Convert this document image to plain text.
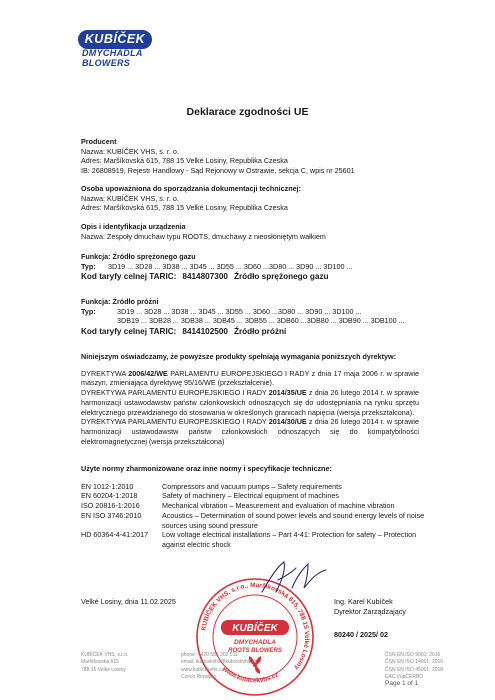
KUBÍČEK
DMYCHADLA
BLOWERS
Deklarace zgodności UE
Producent
Nazwa: KUBÍČEK VHS, s. r. o.
Adres: Maršíkovská 615, 788 15 Velké Losiny, Republika Czeska
IB: 26808919, Rejestr Handlowy - Sąd Rejonowy w Ostrawie, sekcja C, wpis nr 25601
Osoba upoważniona do sporządzania dokumentacji technicznej:
Nazwa: KUBÍČEK VHS, s. r. o.
Adres: Maršíkovská 615, 788 15 Velké Losiny, Republika Czeska
Opis i identyfikacja urządzenia
Nazwa: Zespoły dmuchaw typu ROOTS, dmuchawy z nieosłoniętym wałkiem
Funkcja: Źródło sprężonego gazu
Typ:	3D19 ... 3D28 ... 3D38 ... 3D45 ... 3D55 ... 3D60 ...3D80 ... 3D90 ... 3D100 ...
Kod taryfy celnej TARIC: 8414807300 Źródło sprężonego gazu
Funkcja: Źródło próżni
Typ:	3D19 ... 3D28 ... 3D38 ... 3D45 ... 3D55 ... 3D60 ...3D80 ... 3D90 ... 3D100 ...
3DB19 ... 3DB28 ... 3DB38 ... 3DB45 ... 3DB55 ... 3DB60 ...3DB80 ... 3DB90 ... 3DB100 ...
Kod taryfy celnej TARIC: 8414102500 Źródło próżni

Niniejszym oświadczamy, że powyższe produkty spełniają wymagania poniższych dyrektyw:

DYREKTYWA 2006/42/WE PARLAMENTU EUROPEJSKIEGO I RADY z dnia 17 maja 2006 r. w sprawie maszyn, zmieniająca dyrektywę 95/16/WE (przekształcenie).

DYREKTYWA PARLAMENTU EUROPEJSKIEGO I RADY 2014/35/UE z dnia 26 lutego 2014 r. w sprawie harmonizacji ustawodawstw państw członkowskich odnoszących się do udostępniania na rynku sprzętu elektrycznego przewidzianego do stosowania w określonych granicach napięcia (wersja przekształcona).

DYREKTYWA PARLAMENTU EUROPEJSKIEGO I RADY 2014/30/UE z dnia 26 lutego 2014 r. w sprawie harmonizacji ustawodawstw państw członkowskich odnoszących się do kompatybilności elektromagnetycznej (wersja przekształcona)

Użyte normy zharmonizowane oraz inne normy i specyfikacje techniczne:
EN 1012-1:2010	Compressors and vacuum pumps – Safety requirements
EN 60204-1:2018	Safety of machinery – Electrical equipment of machines
ISO 20816-1:2016	Mechanical vibration – Measurement and evaluation of machine vibration
EN ISO 3746:2010	Acoustics – Determination of sound power levels and sound energy levels of noise sources using sound pressure
HD 60364-4-41:2017	Low voltage electrical installations – Part 4-41: Protection for safety – Protection against electric shock
KUBÍČEK VHS, s.r.o., Maršíkovská 615, 788 15 Velké Losiny
www.kubicekvhs.cz
KUBÍČEK
DMYCHADLA
ROOTS BLOWERS
Velké Losiny, dnia 11.02.2025	Ing. Karel Kubíček
Dyrektor Zarządzający
80240 / 2025/ 02
KUBÍČEK VHS, s.r.o.
Maršíkovská 615
788 15 Velké Losiny
phone: +420 583 302 511
email: kubicekvhs@kubicekvhs.cz
www.kubicekvhs.cz
Czech Republic
ČSN EN ISO 9001: 2016
ČSN EN ISO 14001: 2016
ČSN EN ISO 45001: 2018
EAC VupCERBO
Page 1 of 1
